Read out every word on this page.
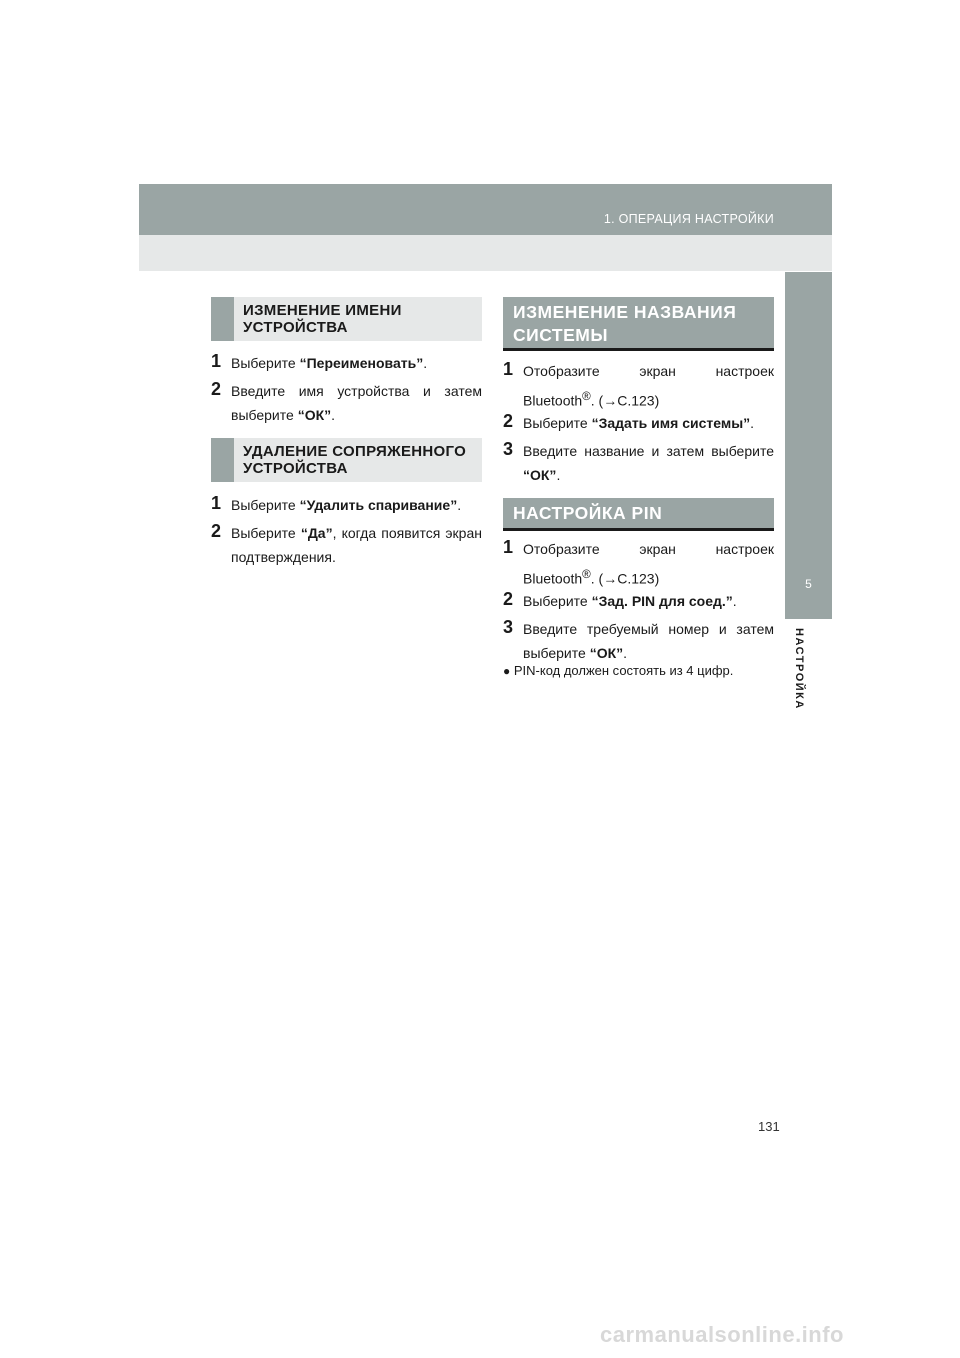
1. ОПЕРАЦИЯ НАСТРОЙКИ
5
НАСТРОЙКА
ИЗМЕНЕНИЕ ИМЕНИ
УСТРОЙСТВА
1 Выберите “Переименовать”.
2 Введите имя устройства и затем выберите “ОК”.
УДАЛЕНИЕ СОПРЯЖЕННОГО
УСТРОЙСТВА
1 Выберите “Удалить спаривание”.
2 Выберите “Да”, когда появится экран подтверждения.
ИЗМЕНЕНИЕ НАЗВАНИЯ
СИСТЕМЫ
1 Отобразите экран настроек Bluetooth®. (→С.123)
2 Выберите “Задать имя системы”.
3 Введите название и затем выберите “ОК”.
НАСТРОЙКА PIN
1 Отобразите экран настроек Bluetooth®. (→С.123)
2 Выберите “Зад. PIN для соед.”.
3 Введите требуемый номер и затем выберите “ОК”.
● PIN-код должен состоять из 4 цифр.
131
carmanualsonline.info
